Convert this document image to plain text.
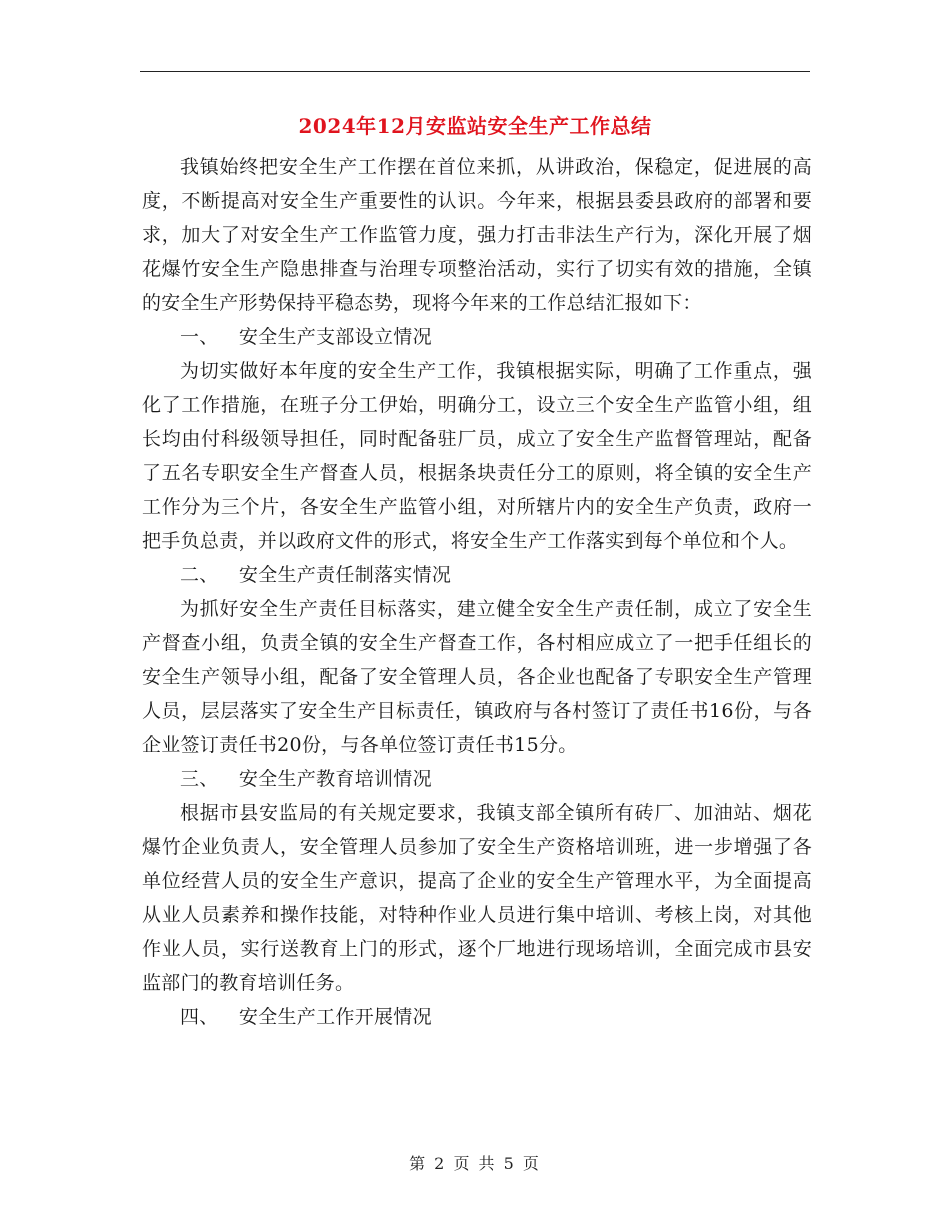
2024年12月安监站安全生产工作总结

我镇始终把安全生产工作摆在首位来抓，从讲政治，保稳定，促进展的高度，不断提高对安全生产重要性的认识。今年来，根据县委县政府的部署和要求，加大了对安全生产工作监管力度，强力打击非法生产行为，深化开展了烟花爆竹安全生产隐患排查与治理专项整治活动，实行了切实有效的措施，全镇的安全生产形势保持平稳态势，现将今年来的工作总结汇报如下：

一、 安全生产支部设立情况

为切实做好本年度的安全生产工作，我镇根据实际，明确了工作重点，强化了工作措施，在班子分工伊始，明确分工，设立三个安全生产监管小组，组长均由付科级领导担任，同时配备驻厂员，成立了安全生产监督管理站，配备了五名专职安全生产督查人员，根据条块责任分工的原则，将全镇的安全生产工作分为三个片，各安全生产监管小组，对所辖片内的安全生产负责，政府一把手负总责，并以政府文件的形式，将安全生产工作落实到每个单位和个人。

二、 安全生产责任制落实情况

为抓好安全生产责任目标落实，建立健全安全生产责任制，成立了安全生产督查小组，负责全镇的安全生产督查工作，各村相应成立了一把手任组长的安全生产领导小组，配备了安全管理人员，各企业也配备了专职安全生产管理人员，层层落实了安全生产目标责任，镇政府与各村签订了责任书16份，与各企业签订责任书20份，与各单位签订责任书15分。

三、 安全生产教育培训情况

根据市县安监局的有关规定要求，我镇支部全镇所有砖厂、加油站、烟花爆竹企业负责人，安全管理人员参加了安全生产资格培训班，进一步增强了各单位经营人员的安全生产意识，提高了企业的安全生产管理水平，为全面提高从业人员素养和操作技能，对特种作业人员进行集中培训、考核上岗，对其他作业人员，实行送教育上门的形式，逐个厂地进行现场培训，全面完成市县安监部门的教育培训任务。

四、 安全生产工作开展情况

第 2 页 共 5 页
